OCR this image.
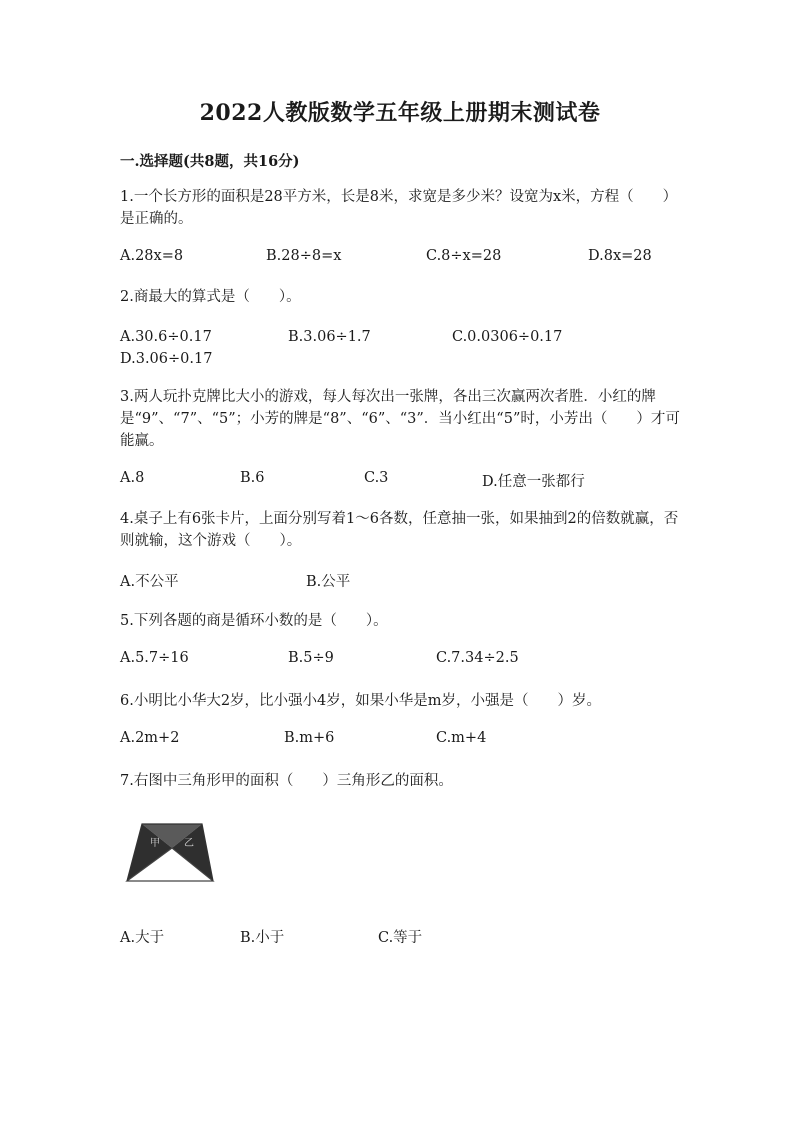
2022人教版数学五年级上册期末测试卷
一.选择题(共8题，共16分)
1.一个长方形的面积是28平方米，长是8米，求宽是多少米？设宽为x米，方程（　　）是正确的。
A.28x=8	B.28÷8=x	C.8÷x=28	D.8x=28
2.商最大的算式是（　　）。
A.30.6÷0.17	B.3.06÷1.7	C.0.0306÷0.17D.3.06÷0.17
3.两人玩扑克牌比大小的游戏，每人每次出一张牌，各出三次赢两次者胜．小红的牌是“9”、“7”、“5”；小芳的牌是“8”、“6”、“3”．当小红出“5”时，小芳出（　　）才可能赢。
A.8	B.6	C.3	D.任意一张都行
4.桌子上有6张卡片，上面分别写着1～6各数，任意抽一张，如果抽到2的倍数就赢，否则就输，这个游戏（　　）。
A.不公平	B.公平
5.下列各题的商是循环小数的是（　　）。
A.5.7÷16	B.5÷9	C.7.34÷2.5
6.小明比小华大2岁，比小强小4岁，如果小华是m岁，小强是（　　）岁。
A.2m+2	B.m+6	C.m+4
7.右图中三角形甲的面积（　　）三角形乙的面积。
甲 乙
A.大于	B.小于	C.等于
